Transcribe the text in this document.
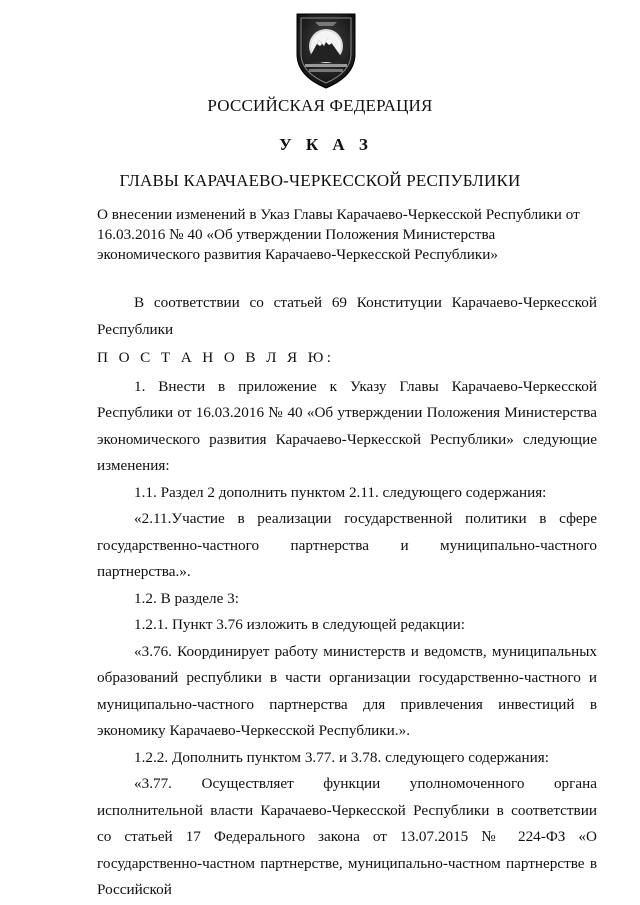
РОССИЙСКАЯ ФЕДЕРАЦИЯ
У К А З
ГЛАВЫ КАРАЧАЕВО-ЧЕРКЕССКОЙ РЕСПУБЛИКИ
О внесении изменений в Указ Главы Карачаево-Черкесской Республики от 16.03.2016 № 40 «Об утверждении Положения Министерства экономического развития Карачаево-Черкесской Республики»

В соответствии со статьей 69 Конституции Карачаево-Черкесской Республики

П О С Т А Н О В Л Я Ю:

1. Внести в приложение к Указу Главы Карачаево-Черкесской Республики от 16.03.2016 № 40 «Об утверждении Положения Министерства экономического развития Карачаево-Черкесской Республики» следующие изменения:

1.1. Раздел 2 дополнить пунктом 2.11. следующего содержания:

«2.11.Участие в реализации государственной политики в сфере государственно-частного партнерства и муниципально-частного партнерства.».

1.2. В разделе 3:

1.2.1. Пункт 3.76 изложить в следующей редакции:

«3.76. Координирует работу министерств и ведомств, муниципальных образований республики в части организации государственно-частного и муниципально-частного партнерства для привлечения инвестиций в экономику Карачаево-Черкесской Республики.».

1.2.2. Дополнить пунктом 3.77. и 3.78. следующего содержания:

«3.77. Осуществляет функции уполномоченного органа исполнительной власти Карачаево-Черкесской Республики в соответствии со статьей 17 Федерального закона от 13.07.2015 № 224-ФЗ «О государственно-частном партнерстве, муниципально-частном партнерстве в Российской
